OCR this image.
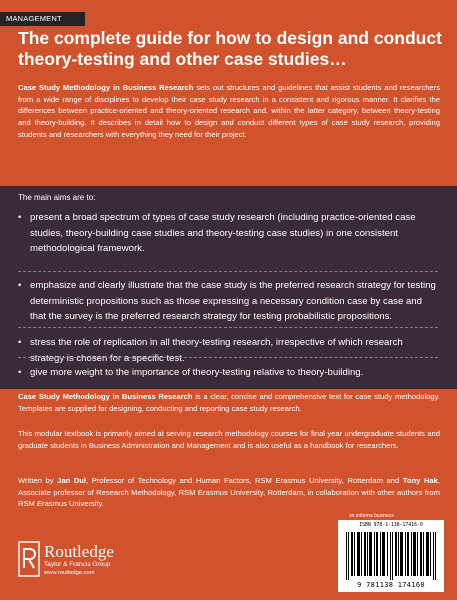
MANAGEMENT
The complete guide for how to design and conduct
theory-testing and other case studies…

Case Study Methodology in Business Research sets out structures and guidelines that assist students and researchers from a wide range of disciplines to develop their case study research in a consistent and rigorous manner. It clarifies the differences between practice-oriented and theory-oriented research and, within the latter category, between theory-testing and theory-building. It describes in detail how to design and conduct different types of case study research, providing students and researchers with everything they need for their project.

The main aims are to:
• present a broad spectrum of types of case study research (including practice-oriented case studies, theory-building case studies and theory-testing case studies) in one consistent methodological framework.
• emphasize and clearly illustrate that the case study is the preferred research strategy for testing deterministic propositions such as those expressing a necessary condition case by case and that the survey is the preferred research strategy for testing probabilistic propositions.
• stress the role of replication in all theory-testing research, irrespective of which research strategy is chosen for a specific test.
• give more weight to the importance of theory-testing relative to theory-building.

Case Study Methodology in Business Research is a clear, concise and comprehensive text for case study methodology. Templates are supplied for designing, conducting and reporting case study research.

This modular textbook is primarily aimed at serving research methodology courses for final year undergraduate students and graduate students in Business Administration and Management and is also useful as a handbook for researchers.

Written by Jan Dul, Professor of Technology and Human Factors, RSM Erasmus University, Rotterdam and Tony Hak, Associate professor of Research Methodology, RSM Erasmus University, Rotterdam, in collaboration with other authors from RSM Erasmus University.

an informa business
Routledge
Taylor & Francis Group
www.routledge.com
ISBN 978-1-138-17416-0
9 781138 174160
